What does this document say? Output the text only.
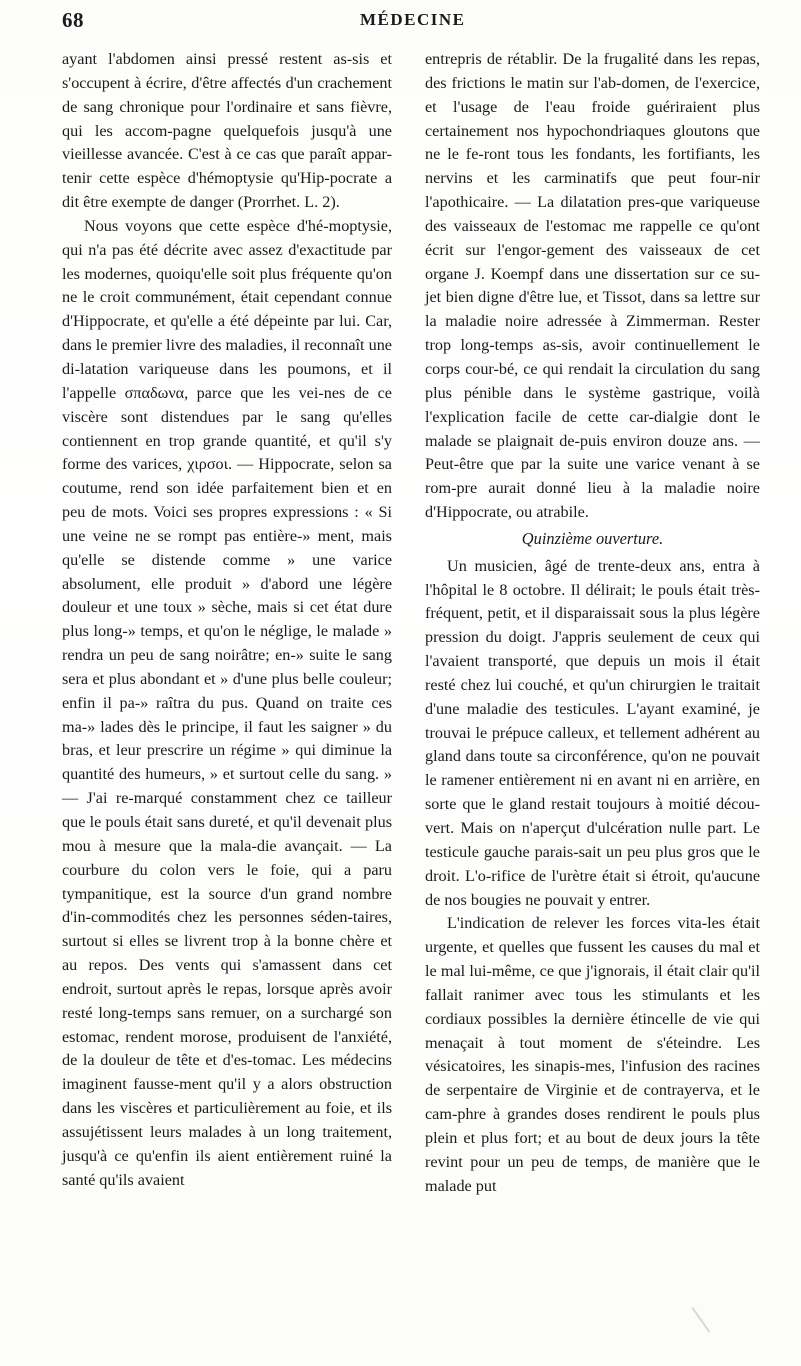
68	MÉDECINE

ayant l'abdomen ainsi pressé restent as-sis et s'occupent à écrire, d'être affectés d'un crachement de sang chronique pour l'ordinaire et sans fièvre, qui les accom-pagne quelquefois jusqu'à une vieillesse avancée. C'est à ce cas que paraît appar-tenir cette espèce d'hémoptysie qu'Hip-pocrate a dit être exempte de danger (Prorrhet. L. 2).

Nous voyons que cette espèce d'hé-moptysie, qui n'a pas été décrite avec assez d'exactitude par les modernes, quoiqu'elle soit plus fréquente qu'on ne le croit communément, était cependant connue d'Hippocrate, et qu'elle a été dépeinte par lui. Car, dans le premier livre des maladies, il reconnaît une di-latation variqueuse dans les poumons, et il l'appelle σπαδωνα, parce que les vei-nes de ce viscère sont distendues par le sang qu'elles contiennent en trop grande quantité, et qu'il s'y forme des varices, χιρσοι. — Hippocrate, selon sa coutume, rend son idée parfaitement bien et en peu de mots. Voici ses propres expressions : « Si une veine ne se rompt pas entière-» ment, mais qu'elle se distende comme » une varice absolument, elle produit » d'abord une légère douleur et une toux » sèche, mais si cet état dure plus long-» temps, et qu'on le néglige, le malade » rendra un peu de sang noirâtre; en-» suite le sang sera et plus abondant et » d'une plus belle couleur; enfin il pa-» raîtra du pus. Quand on traite ces ma-» lades dès le principe, il faut les saigner » du bras, et leur prescrire un régime » qui diminue la quantité des humeurs, » et surtout celle du sang. » — J'ai re-marqué constamment chez ce tailleur que le pouls était sans dureté, et qu'il devenait plus mou à mesure que la mala-die avançait. — La courbure du colon vers le foie, qui a paru tympanitique, est la source d'un grand nombre d'in-commodités chez les personnes séden-taires, surtout si elles se livrent trop à la bonne chère et au repos. Des vents qui s'amassent dans cet endroit, surtout après le repas, lorsque après avoir resté long-temps sans remuer, on a surchargé son estomac, rendent morose, produisent de l'anxiété, de la douleur de tête et d'es-tomac. Les médecins imaginent fausse-ment qu'il y a alors obstruction dans les viscères et particulièrement au foie, et ils assujétissent leurs malades à un long traitement, jusqu'à ce qu'enfin ils aient entièrement ruiné la santé qu'ils avaient

entrepris de rétablir. De la frugalité dans les repas, des frictions le matin sur l'ab-domen, de l'exercice, et l'usage de l'eau froide guériraient plus certainement nos hypochondriaques gloutons que ne le fe-ront tous les fondants, les fortifiants, les nervins et les carminatifs que peut four-nir l'apothicaire. — La dilatation pres-que variqueuse des vaisseaux de l'estomac me rappelle ce qu'ont écrit sur l'engor-gement des vaisseaux de cet organe J. Koempf dans une dissertation sur ce su-jet bien digne d'être lue, et Tissot, dans sa lettre sur la maladie noire adressée à Zimmerman. Rester trop long-temps as-sis, avoir continuellement le corps cour-bé, ce qui rendait la circulation du sang plus pénible dans le système gastrique, voilà l'explication facile de cette car-dialgie dont le malade se plaignait de-puis environ douze ans. — Peut-être que par la suite une varice venant à se rom-pre aurait donné lieu à la maladie noire d'Hippocrate, ou atrabile.

Quinzième ouverture.

Un musicien, âgé de trente-deux ans, entra à l'hôpital le 8 octobre. Il délirait; le pouls était très-fréquent, petit, et il disparaissait sous la plus légère pression du doigt. J'appris seulement de ceux qui l'avaient transporté, que depuis un mois il était resté chez lui couché, et qu'un chirurgien le traitait d'une maladie des testicules. L'ayant examiné, je trouvai le prépuce calleux, et tellement adhérent au gland dans toute sa circonférence, qu'on ne pouvait le ramener entièrement ni en avant ni en arrière, en sorte que le gland restait toujours à moitié décou-vert. Mais on n'aperçut d'ulcération nulle part. Le testicule gauche parais-sait un peu plus gros que le droit. L'o-rifice de l'urètre était si étroit, qu'aucune de nos bougies ne pouvait y entrer.

L'indication de relever les forces vita-les était urgente, et quelles que fussent les causes du mal et le mal lui-même, ce que j'ignorais, il était clair qu'il fallait ranimer avec tous les stimulants et les cordiaux possibles la dernière étincelle de vie qui menaçait à tout moment de s'éteindre. Les vésicatoires, les sinapis-mes, l'infusion des racines de serpentaire de Virginie et de contrayerva, et le cam-phre à grandes doses rendirent le pouls plus plein et plus fort; et au bout de deux jours la tête revint pour un peu de temps, de manière que le malade put
